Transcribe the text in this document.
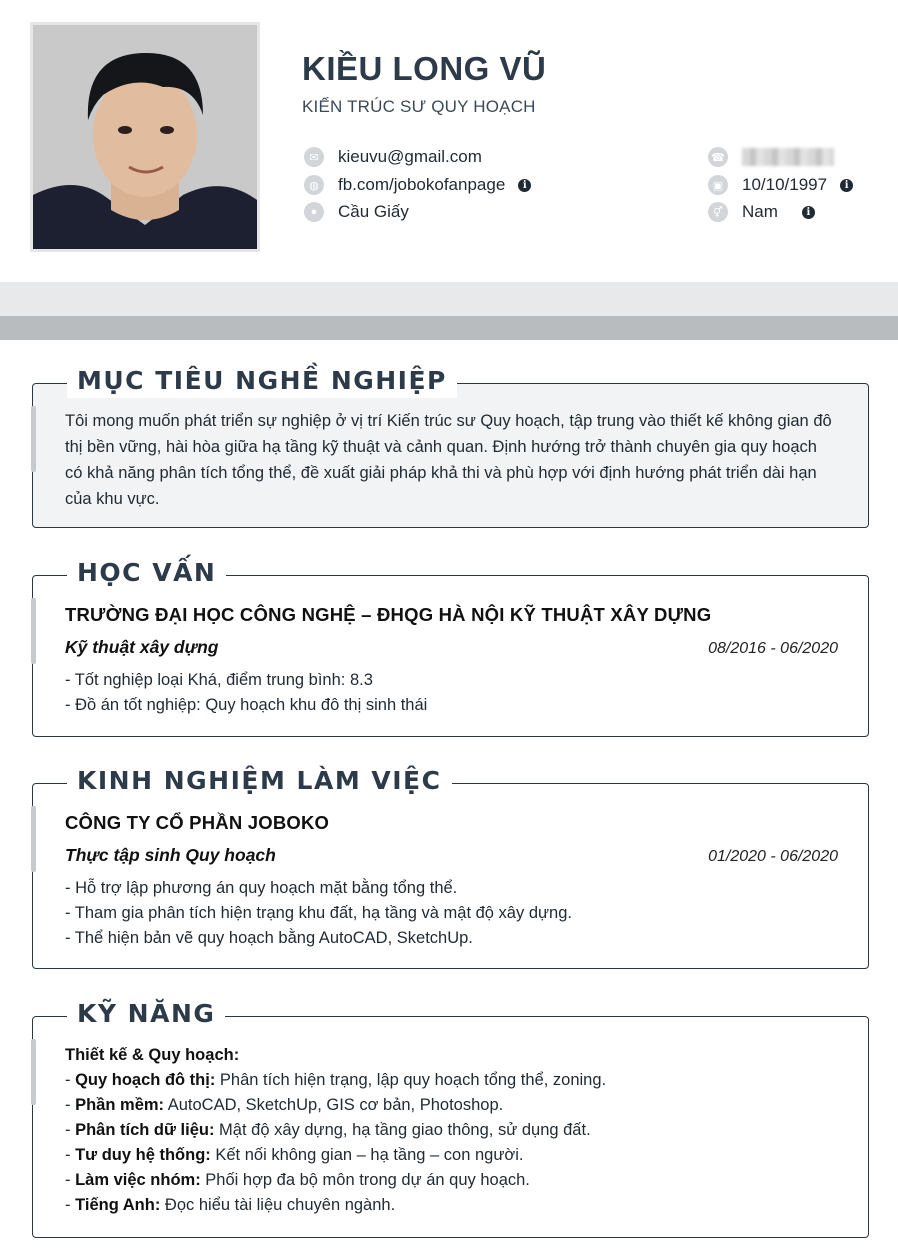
KIỀU LONG VŨ
KIẾN TRÚC SƯ QUY HOẠCH
✉	kieuvu@gmail.com
◍	fb.com/jobokofanpage	i
●	Cầu Giấy
☎
▣ 10/10/1997	i
⚥ Nam	i
MỤC TIÊU NGHỀ NGHIỆP
Tôi mong muốn phát triển sự nghiệp ở vị trí Kiến trúc sư Quy hoạch, tập trung vào thiết kế không gian đô thị bền vững, hài hòa giữa hạ tầng kỹ thuật và cảnh quan. Định hướng trở thành chuyên gia quy hoạch có khả năng phân tích tổng thể, đề xuất giải pháp khả thi và phù hợp với định hướng phát triển dài hạn của khu vực.
HỌC VẤN
TRƯỜNG ĐẠI HỌC CÔNG NGHỆ – ĐHQG HÀ NỘI KỸ THUẬT XÂY DỰNG
Kỹ thuật xây dựng	08/2016 - 06/2020
- Tốt nghiệp loại Khá, điểm trung bình: 8.3
- Đồ án tốt nghiệp: Quy hoạch khu đô thị sinh thái
KINH NGHIỆM LÀM VIỆC
CÔNG TY CỔ PHẦN JOBOKO
Thực tập sinh Quy hoạch	01/2020 - 06/2020
- Hỗ trợ lập phương án quy hoạch mặt bằng tổng thể.
- Tham gia phân tích hiện trạng khu đất, hạ tầng và mật độ xây dựng.
- Thể hiện bản vẽ quy hoạch bằng AutoCAD, SketchUp.
KỸ NĂNG
Thiết kế & Quy hoạch:
- Quy hoạch đô thị: Phân tích hiện trạng, lập quy hoạch tổng thể, zoning.
- Phần mềm: AutoCAD, SketchUp, GIS cơ bản, Photoshop.
- Phân tích dữ liệu: Mật độ xây dựng, hạ tầng giao thông, sử dụng đất.
- Tư duy hệ thống: Kết nối không gian – hạ tầng – con người.
- Làm việc nhóm: Phối hợp đa bộ môn trong dự án quy hoạch.
- Tiếng Anh: Đọc hiểu tài liệu chuyên ngành.
